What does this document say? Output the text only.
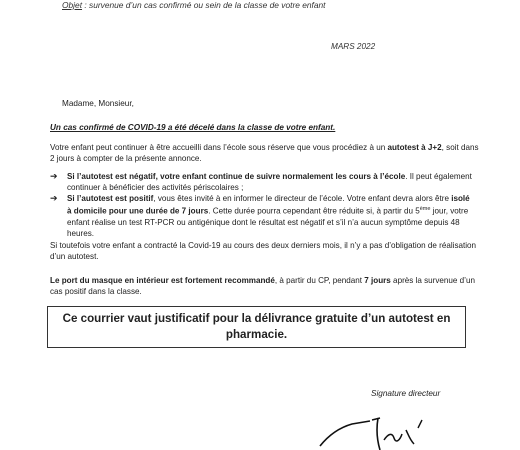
Objet : survenue d’un cas confirmé ou sein de la classe de votre enfant
MARS 2022
Madame, Monsieur,
Un cas confirmé de COVID-19 a été décelé dans la classe de votre enfant.
Votre enfant peut continuer à être accueilli dans l’école sous réserve que vous procédiez à un autotest à J+2, soit dans 2 jours à compter de la présente annonce.
➔ Si l’autotest est négatif, votre enfant continue de suivre normalement les cours à l’école. Il peut également continuer à bénéficier des activités périscolaires ;
➔ Si l’autotest est positif, vous êtes invité à en informer le directeur de l’école. Votre enfant devra alors être isolé à domicile pour une durée de 7 jours. Cette durée pourra cependant être réduite si, à partir du 5ème jour, votre enfant réalise un test RT-PCR ou antigénique dont le résultat est négatif et s’il n’a aucun symptôme depuis 48 heures.
Si toutefois votre enfant a contracté la Covid-19 au cours des deux derniers mois, il n’y a pas d’obligation de réalisation d’un autotest.
Le port du masque en intérieur est fortement recommandé, à partir du CP, pendant 7 jours après la survenue d’un cas positif dans la classe.
Ce courrier vaut justificatif pour la délivrance gratuite d’un autotest en pharmacie.
Signature directeur
